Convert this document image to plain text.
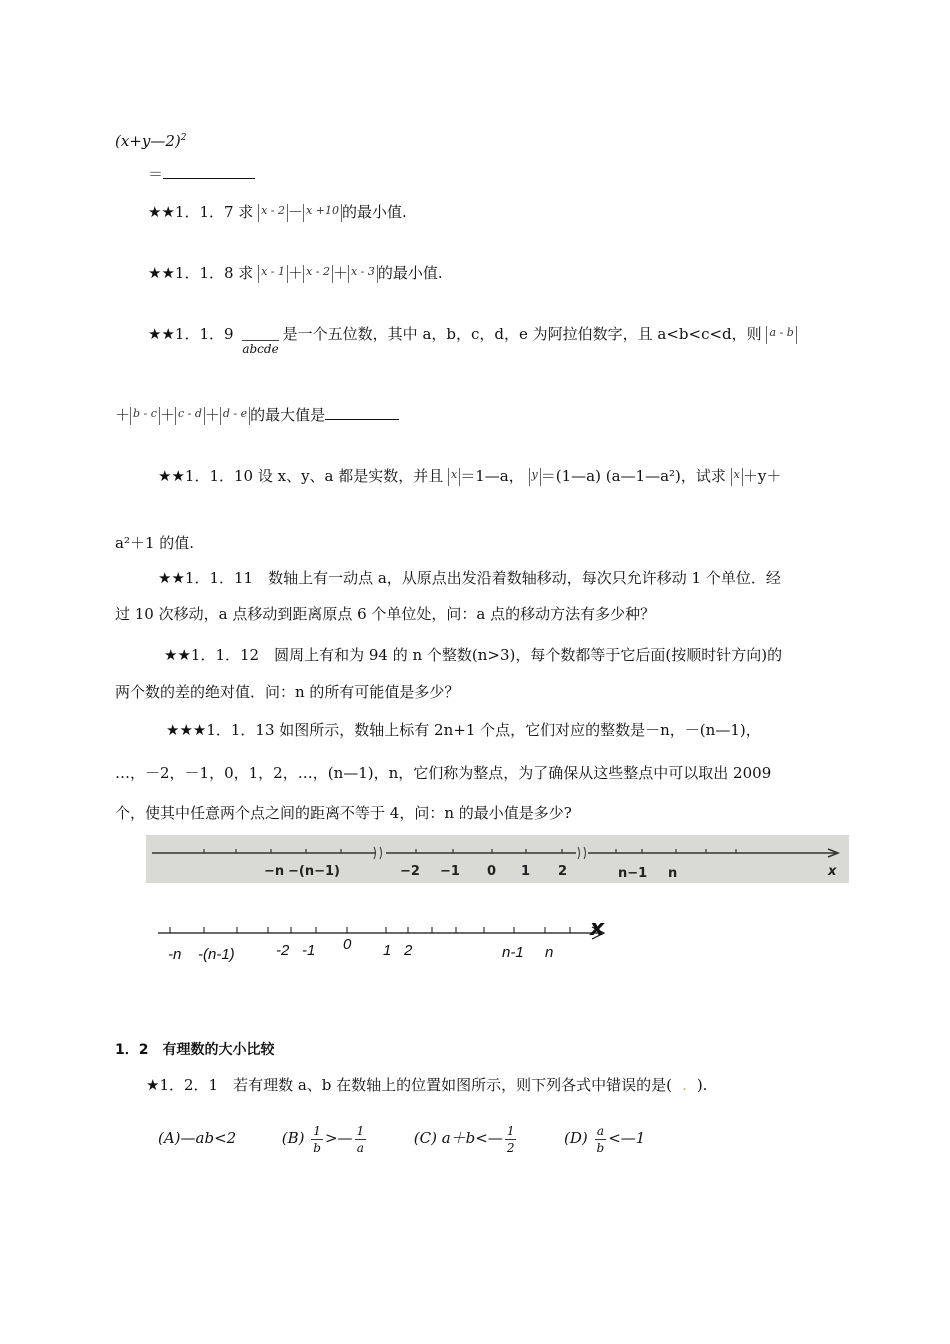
(x+y—2)$^2$
＝
★★1．1．7 求 x - 2 － x +10 的最小值.
★★1．1．8 求 x - 1 ＋ x - 2 ＋ x - 3 的最小值.
★★1．1．9 abcde是一个五位数，其中 a，b，c，d，e 为阿拉伯数字，且 a<b<c<d，则 a - b
＋ b - c ＋ c - d ＋ d - e 的最大值是
★★1．1．10 设 x、y、a 都是实数，并且 x ＝1—a， y ＝(1—a) (a—1—a²)，试求 x ＋y＋
a²＋1 的值.
★★1．1．11　数轴上有一动点 a，从原点出发沿着数轴移动，每次只允许移动 1 个单位．经
过 10 次移动，a 点移动到距离原点 6 个单位处，问：a 点的移动方法有多少种？
★★1．1．12　圆周上有和为 94 的 n 个整数(n>3)，每个数都等于它后面(按顺时针方向)的
两个数的差的绝对值．问：n 的所有可能值是多少？
★★★1．1．13 如图所示，数轴上标有 2n+1 个点，它们对应的整数是－n，－(n—1)，
…，－2，－1，0，1，2，…，(n—1)，n，它们称为整点，为了确保从这些整点中可以取出 2009
个，使其中任意两个点之间的距离不等于 4，问：n 的最小值是多少?
−n −(n−1)	−2 −1 0 1 2	n−1 n	x
x
-n -(n-1)	-2 -1 0 1 2	n-1 n
1．2　有理数的大小比较
★1．2．1　若有理数 a、b 在数轴上的位置如图所示，则下列各式中错误的是( . ).
(A)—ab<2	$(B) \frac{1}{b}$ >— $\frac{1}{a}$	(C) a＋b<— $\frac{1}{2}$	$(D) \frac{a}{b}$ <—1
